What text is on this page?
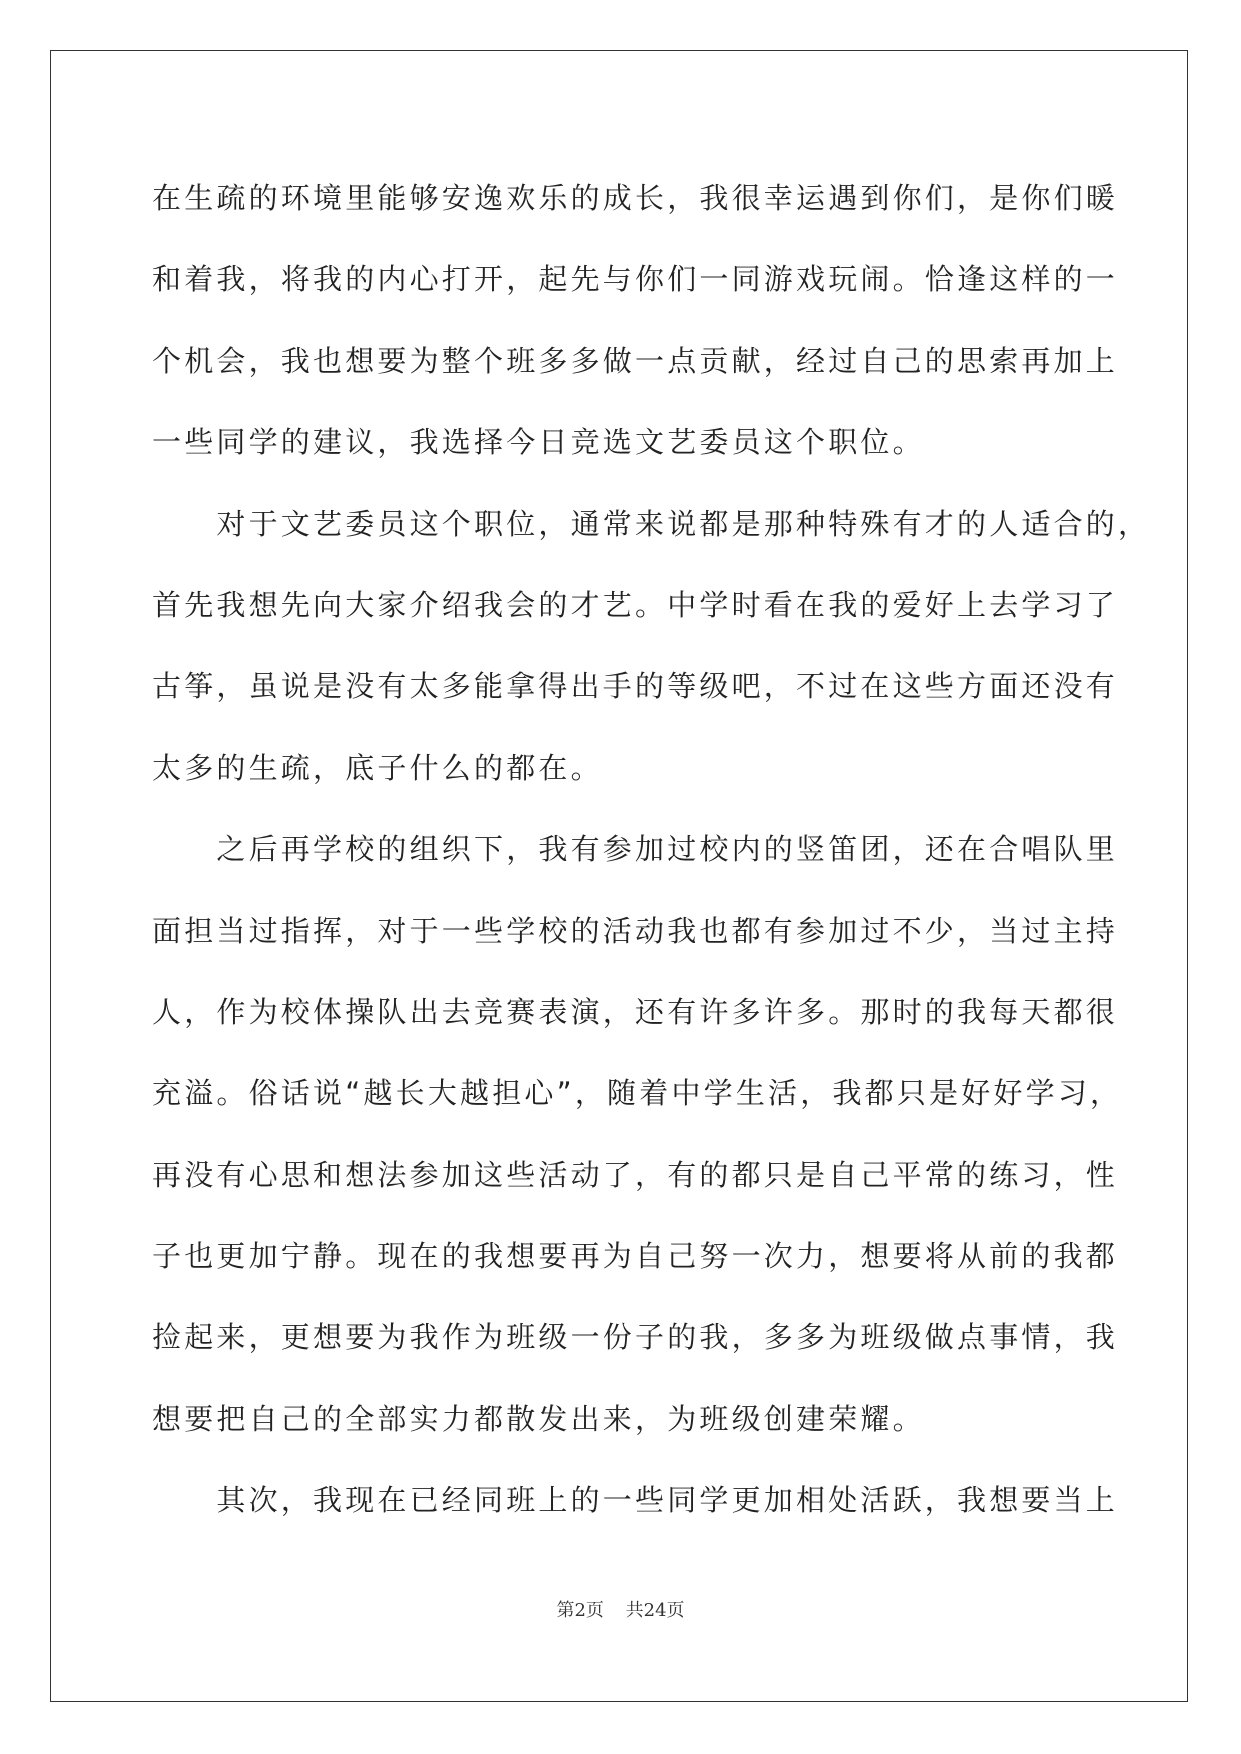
在生疏的环境里能够安逸欢乐的成长，我很幸运遇到你们，是你们暖
和着我，将我的内心打开，起先与你们一同游戏玩闹。恰逢这样的一
个机会，我也想要为整个班多多做一点贡献，经过自己的思索再加上
一些同学的建议，我选择今日竞选文艺委员这个职位。
　　对于文艺委员这个职位，通常来说都是那种特殊有才的人适合的，
首先我想先向大家介绍我会的才艺。中学时看在我的爱好上去学习了
古筝，虽说是没有太多能拿得出手的等级吧，不过在这些方面还没有
太多的生疏，底子什么的都在。
　　之后再学校的组织下，我有参加过校内的竖笛团，还在合唱队里
面担当过指挥，对于一些学校的活动我也都有参加过不少，当过主持
人，作为校体操队出去竞赛表演，还有许多许多。那时的我每天都很
充溢。俗话说“越长大越担心”，随着中学生活，我都只是好好学习，
再没有心思和想法参加这些活动了，有的都只是自己平常的练习，性
子也更加宁静。现在的我想要再为自己努一次力，想要将从前的我都
捡起来，更想要为我作为班级一份子的我，多多为班级做点事情，我
想要把自己的全部实力都散发出来，为班级创建荣耀。
　　其次，我现在已经同班上的一些同学更加相处活跃，我想要当上
第2页 共24页
